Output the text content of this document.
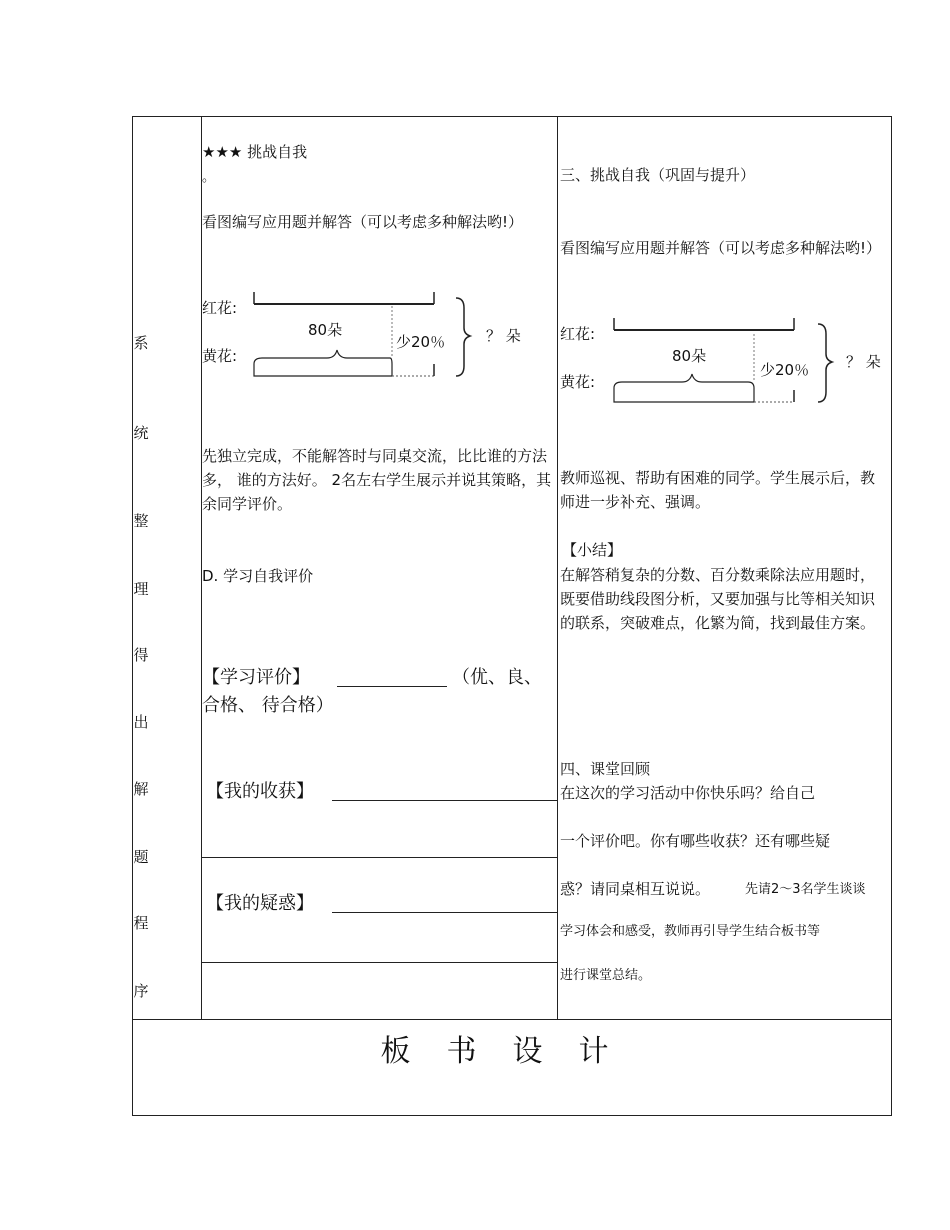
系
统
整
理
得
出
解
题
程
序
★★★ 挑战自我
。
看图编写应用题并解答（可以考虑多种解法哟!）
红花:
黄花:
80朵
少20％	？ 朵
先独立完成，不能解答时与同桌交流，比比谁的方法多， 谁的方法好。 2名左右学生展示并说其策略，其余同学评价。
D. 学习自我评价
【学习评价】	（优、良、合格、 待合格）
【我的收获】
【我的疑惑】
三、挑战自我（巩固与提升）
看图编写应用题并解答（可以考虑多种解法哟!）
红花:
黄花:
80朵
少20％ ？ 朵
教师巡视、帮助有困难的同学。学生展示后，教师进一步补充、强调。
【小结】
在解答稍复杂的分数、百分数乘除法应用题时，既要借助线段图分析，又要加强与比等相关知识的联系，突破难点，化繁为简，找到最佳方案。
四、课堂回顾
在这次的学习活动中你快乐吗？给自己
一个评价吧。你有哪些收获？还有哪些疑
惑？请同桌相互说说。	先请2～3名学生谈谈
学习体会和感受，教师再引导学生结合板书等
进行课堂总结。
板书设计
